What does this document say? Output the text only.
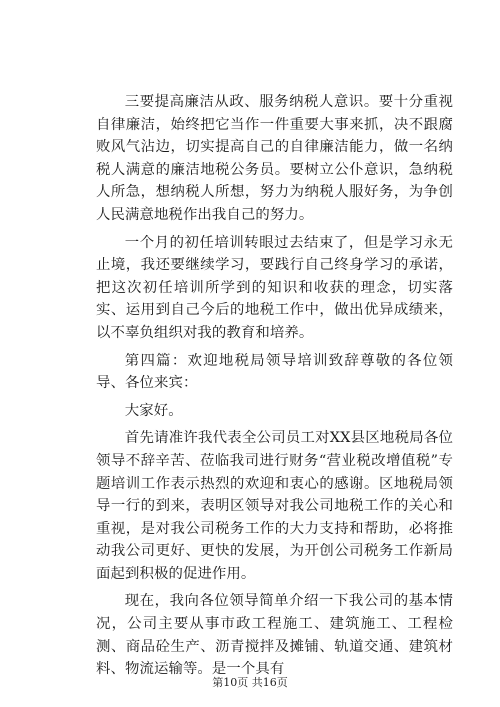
三要提高廉洁从政、服务纳税人意识。要十分重视自律廉洁，始终把它当作一件重要大事来抓，决不跟腐败风气沾边，切实提高自己的自律廉洁能力，做一名纳税人满意的廉洁地税公务员。要树立公仆意识，急纳税人所急，想纳税人所想，努力为纳税人服好务，为争创人民满意地税作出我自己的努力。

一个月的初任培训转眼过去结束了，但是学习永无止境，我还要继续学习，要践行自己终身学习的承诺，把这次初任培训所学到的知识和收获的理念，切实落实、运用到自己今后的地税工作中，做出优异成绩来，以不辜负组织对我的教育和培养。

第四篇：欢迎地税局领导培训致辞尊敬的各位领导、各位来宾：

大家好。

首先请准许我代表全公司员工对XX县区地税局各位领导不辞辛苦、莅临我司进行财务“营业税改增值税”专题培训工作表示热烈的欢迎和衷心的感谢。区地税局领导一行的到来，表明区领导对我公司地税工作的关心和重视，是对我公司税务工作的大力支持和帮助，必将推动我公司更好、更快的发展，为开创公司税务工作新局面起到积极的促进作用。

现在，我向各位领导简单介绍一下我公司的基本情况，公司主要从事市政工程施工、建筑施工、工程检测、商品砼生产、沥青搅拌及摊铺、轨道交通、建筑材料、物流运输等。是一个具有

第10页 共16页
